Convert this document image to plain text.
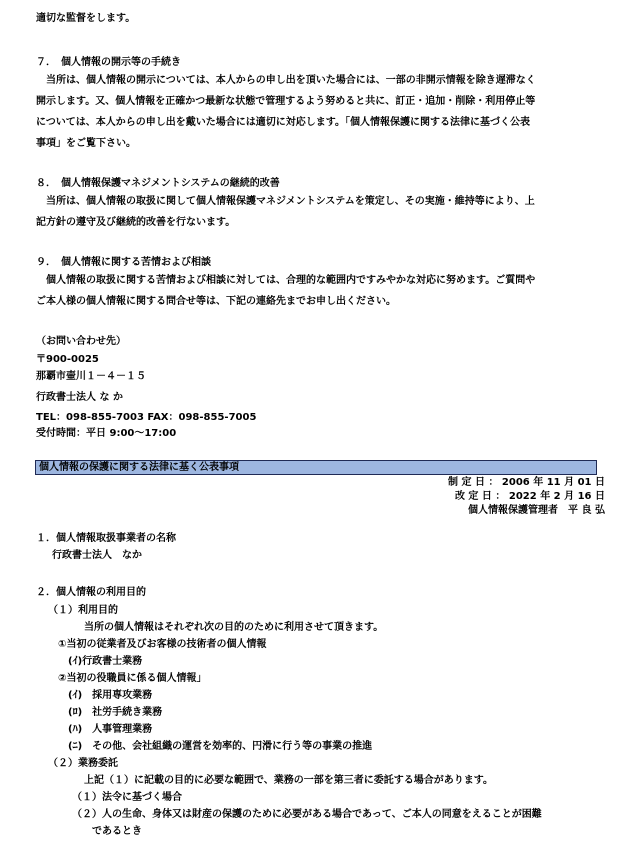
適切な監督をします。
７．　個人情報の開示等の手続き
　当所は、個人情報の開示については、本人からの申し出を頂いた場合には、一部の非開示情報を除き遅滞なく
開示します。又、個人情報を正確かつ最新な状態で管理するよう努めると共に、訂正・追加・削除・利用停止等
については、本人からの申し出を戴いた場合には適切に対応します。「個人情報保護に関する法律に基づく公表
事項」をご覧下さい。
８．　個人情報保護マネジメントシステムの継続的改善
　当所は、個人情報の取扱に関して個人情報保護マネジメントシステムを策定し、その実施・維持等により、上
記方針の遵守及び継続的改善を行ないます。
９．　個人情報に関する苦情および相談
　個人情報の取扱に関する苦情および相談に対しては、合理的な範囲内ですみやかな対応に努めます。ご質問や
ご本人様の個人情報に関する問合せ等は、下記の連絡先までお申し出ください。
（お問い合わせ先）
〒900-0025
那覇市壷川１－４－１５
行政書士法人 な か
TEL：098-855-7003 FAX：098-855-7005
受付時間：平日 9:00～17:00
個人情報の保護に関する法律に基く公表事項
制 定 日 ： 2006 年 11 月 01 日
改 定 日 ： 2022 年 2 月 16 日
個人情報保護管理者　平 良 弘
１．個人情報取扱事業者の名称
行政書士法人　なか
２．個人情報の利用目的
（１）利用目的
当所の個人情報はそれぞれ次の目的のために利用させて頂きます。
①当初の従業者及びお客様の技術者の個人情報
(ｲ)行政書士業務
②当初の役職員に係る個人情報」
(ｲ)　採用専攻業務
(ﾛ)　社労手続き業務
(ﾊ)　人事管理業務
(ﾆ)　その他、会社組織の運営を効率的、円滑に行う等の事業の推進
（２）業務委託
上記（１）に記載の目的に必要な範囲で、業務の一部を第三者に委託する場合があります。
（１）法令に基づく場合
（２）人の生命、身体又は財産の保護のために必要がある場合であって、ご本人の同意をえることが困難
であるとき
